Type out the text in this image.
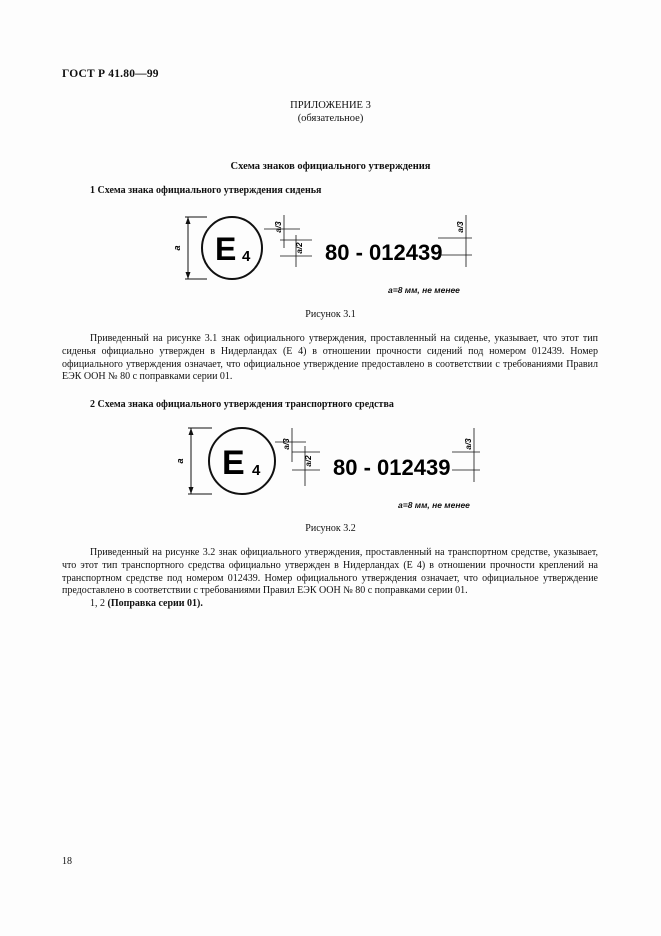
ГОСТ Р 41.80—99
ПРИЛОЖЕНИЕ 3
(обязательное)
Схема знаков официального утверждения
1 Схема знака официального утверждения сиденья
a E 4
a/3
a/2 80 - 012439
a/3
a=8 мм, не менее
Рисунок 3.1

Приведенный на рисунке 3.1 знак официального утверждения, проставленный на сиденье, указывает, что этот тип сиденья официально утвержден в Нидерландах (E 4) в отношении прочности сидений под номером 012439. Номер официального утверждения означает, что официальное утверждение предоставлено в соответствии с требованиями Правил ЕЭК ООН № 80 с поправками серии 01.

2 Схема знака официального утверждения транспортного средства
a E 4
a/3
a/2 80 - 012439
a/3
a=8 мм, не менее
Рисунок 3.2

Приведенный на рисунке 3.2 знак официального утверждения, проставленный на транспортном средстве, указывает, что этот тип транспортного средства официально утвержден в Нидерландах (E 4) в отношении прочности креплений на транспортном средстве под номером 012439. Номер официального утверждения означает, что официальное утверждение предоставлено в соответствии с требованиями Правил ЕЭК ООН № 80 с поправками серии 01.

1, 2 (Поправка серии 01).

18
